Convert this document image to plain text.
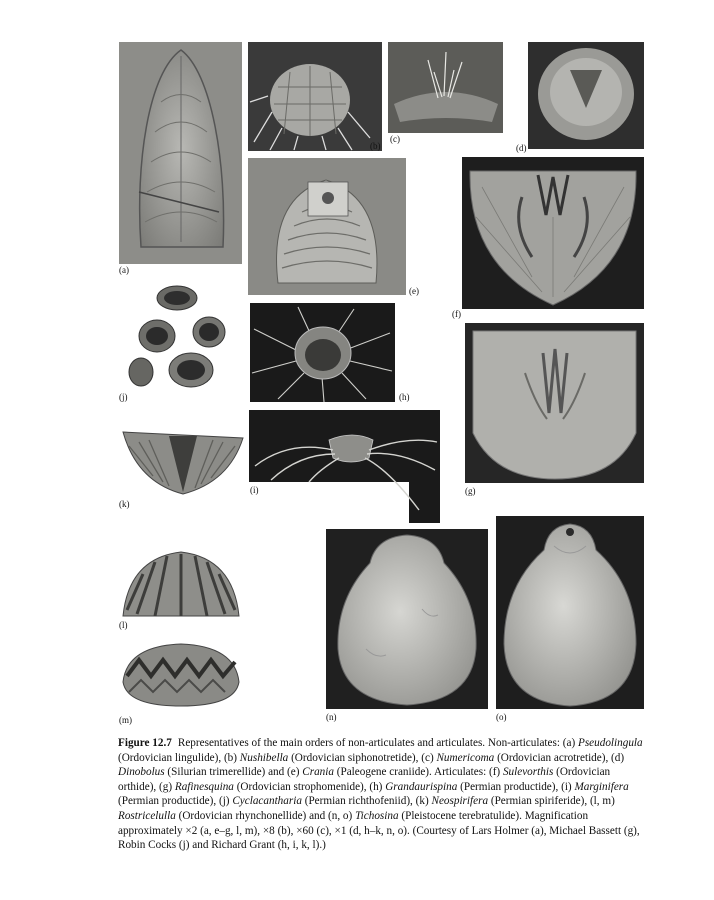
(a)
(b)
(c)
(d)
(e)
(f)
(j)	(h)
(g)
(k)
(i)
(l)
(m)	(n)	(o)
Figure 12.7 Representatives of the main orders of non-articulates and articulates. Non-articulates: (a) Pseudolingula (Ordovician lingulide), (b) Nushibella (Ordovician siphonotretide), (c) Numericoma (Ordovician acrotretide), (d) Dinobolus (Silurian trimerellide) and (e) Crania (Paleogene craniide). Articulates: (f) Sulevorthis (Ordovician orthide), (g) Rafinesquina (Ordovician strophomenide), (h) Grandaurispina (Permian productide), (i) Marginifera (Permian productide), (j) Cyclacantharia (Permian richthofeniid), (k) Neospirifera (Permian spiriferide), (l, m) Rostricelulla (Ordovician rhynchonellide) and (n, o) Tichosina (Pleistocene terebratulide). Magnification approximately ×2 (a, e–g, l, m), ×8 (b), ×60 (c), ×1 (d, h–k, n, o). (Courtesy of Lars Holmer (a), Michael Bassett (g), Robin Cocks (j) and Richard Grant (h, i, k, l).)
